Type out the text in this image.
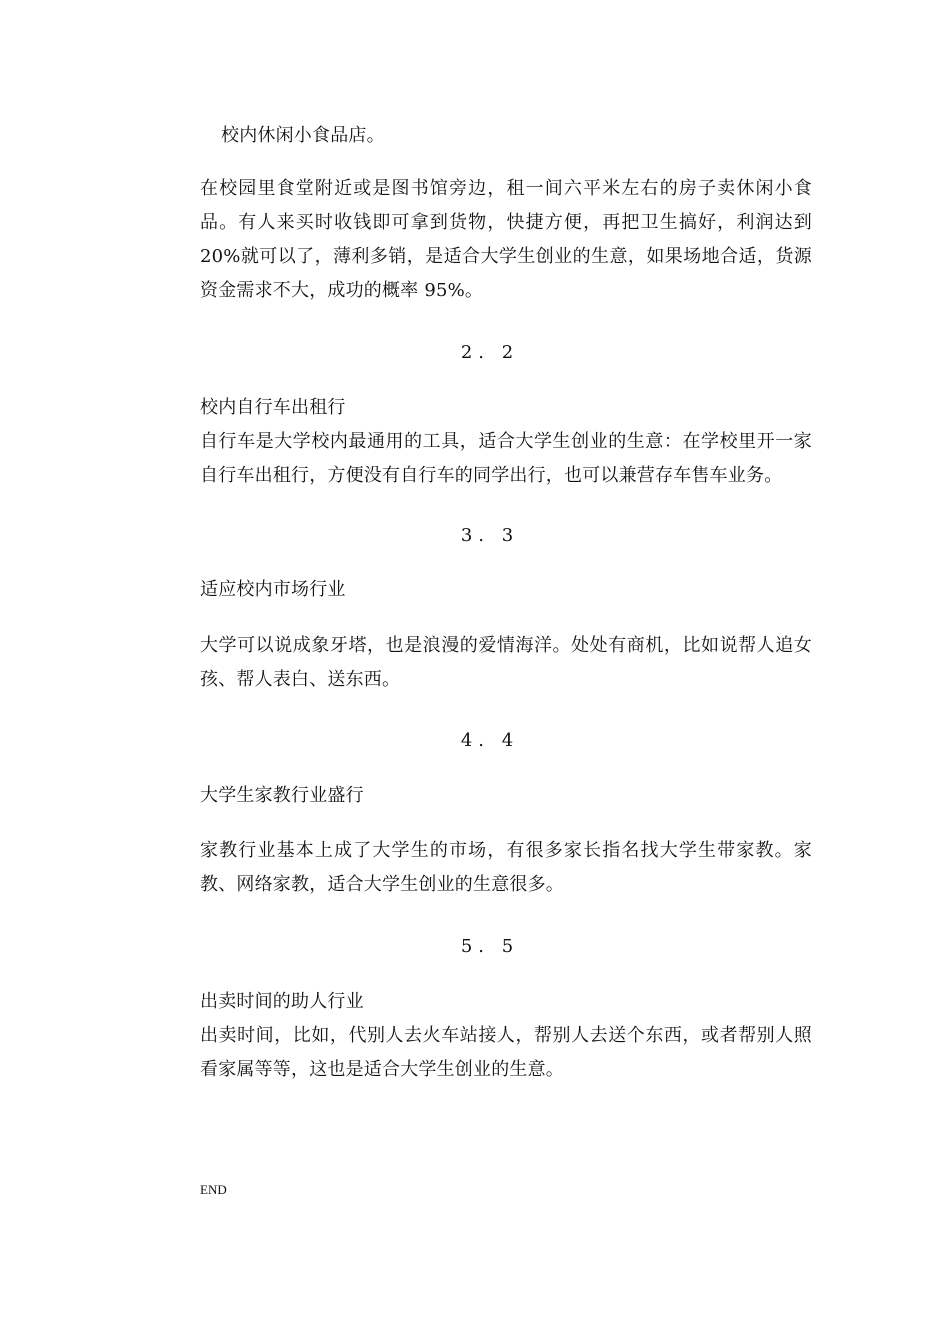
校内休闲小食品店。
在校园里食堂附近或是图书馆旁边，租一间六平米左右的房子卖休闲小食品。有人来买时收钱即可拿到货物，快捷方便，再把卫生搞好，利润达到20%就可以了，薄利多销，是适合大学生创业的生意，如果场地合适，货源资金需求不大，成功的概率 95%。
2. 2
校内自行车出租行
自行车是大学校内最通用的工具，适合大学生创业的生意：在学校里开一家自行车出租行，方便没有自行车的同学出行，也可以兼营存车售车业务。
3. 3
适应校内市场行业
大学可以说成象牙塔，也是浪漫的爱情海洋。处处有商机，比如说帮人追女孩、帮人表白、送东西。
4. 4
大学生家教行业盛行
家教行业基本上成了大学生的市场，有很多家长指名找大学生带家教。家教、网络家教，适合大学生创业的生意很多。
5. 5
出卖时间的助人行业
出卖时间，比如，代别人去火车站接人，帮别人去送个东西，或者帮别人照看家属等等，这也是适合大学生创业的生意。
END
